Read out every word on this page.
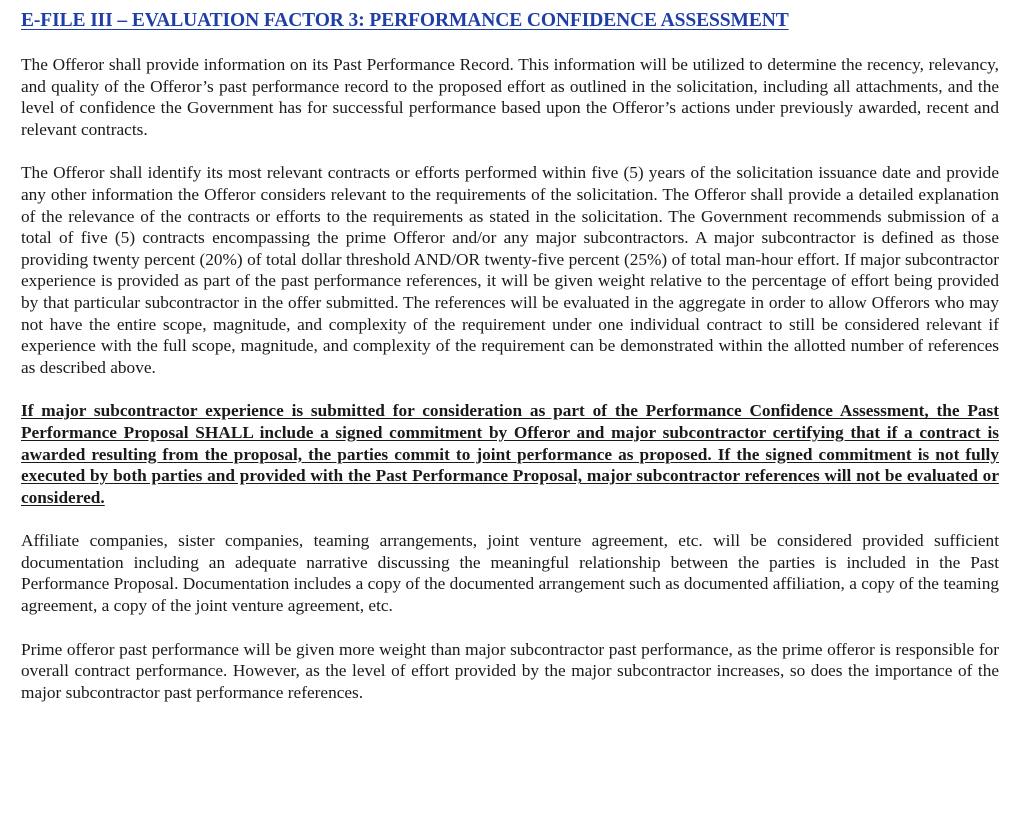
E-FILE III – EVALUATION FACTOR 3: PERFORMANCE CONFIDENCE ASSESSMENT

The Offeror shall provide information on its Past Performance Record. This information will be utilized to determine the recency, relevancy, and quality of the Offeror’s past performance record to the proposed effort as outlined in the solicitation, including all attachments, and the level of confidence the Government has for successful performance based upon the Offeror’s actions under previously awarded, recent and relevant contracts.

The Offeror shall identify its most relevant contracts or efforts performed within five (5) years of the solicitation issuance date and provide any other information the Offeror considers relevant to the requirements of the solicitation. The Offeror shall provide a detailed explanation of the relevance of the contracts or efforts to the requirements as stated in the solicitation. The Government recommends submission of a total of five (5) contracts encompassing the prime Offeror and/or any major subcontractors. A major subcontractor is defined as those providing twenty percent (20%) of total dollar threshold AND/OR twenty-five percent (25%) of total man-hour effort. If major subcontractor experience is provided as part of the past performance references, it will be given weight relative to the percentage of effort being provided by that particular subcontractor in the offer submitted. The references will be evaluated in the aggregate in order to allow Offerors who may not have the entire scope, magnitude, and complexity of the requirement under one individual contract to still be considered relevant if experience with the full scope, magnitude, and complexity of the requirement can be demonstrated within the allotted number of references as described above.

If major subcontractor experience is submitted for consideration as part of the Performance Confidence Assessment, the Past Performance Proposal SHALL include a signed commitment by Offeror and major subcontractor certifying that if a contract is awarded resulting from the proposal, the parties commit to joint performance as proposed. If the signed commitment is not fully executed by both parties and provided with the Past Performance Proposal, major subcontractor references will not be evaluated or considered.

Affiliate companies, sister companies, teaming arrangements, joint venture agreement, etc. will be considered provided sufficient documentation including an adequate narrative discussing the meaningful relationship between the parties is included in the Past Performance Proposal. Documentation includes a copy of the documented arrangement such as documented affiliation, a copy of the teaming agreement, a copy of the joint venture agreement, etc.

Prime offeror past performance will be given more weight than major subcontractor past performance, as the prime offeror is responsible for overall contract performance. However, as the level of effort provided by the major subcontractor increases, so does the importance of the major subcontractor past performance references.
